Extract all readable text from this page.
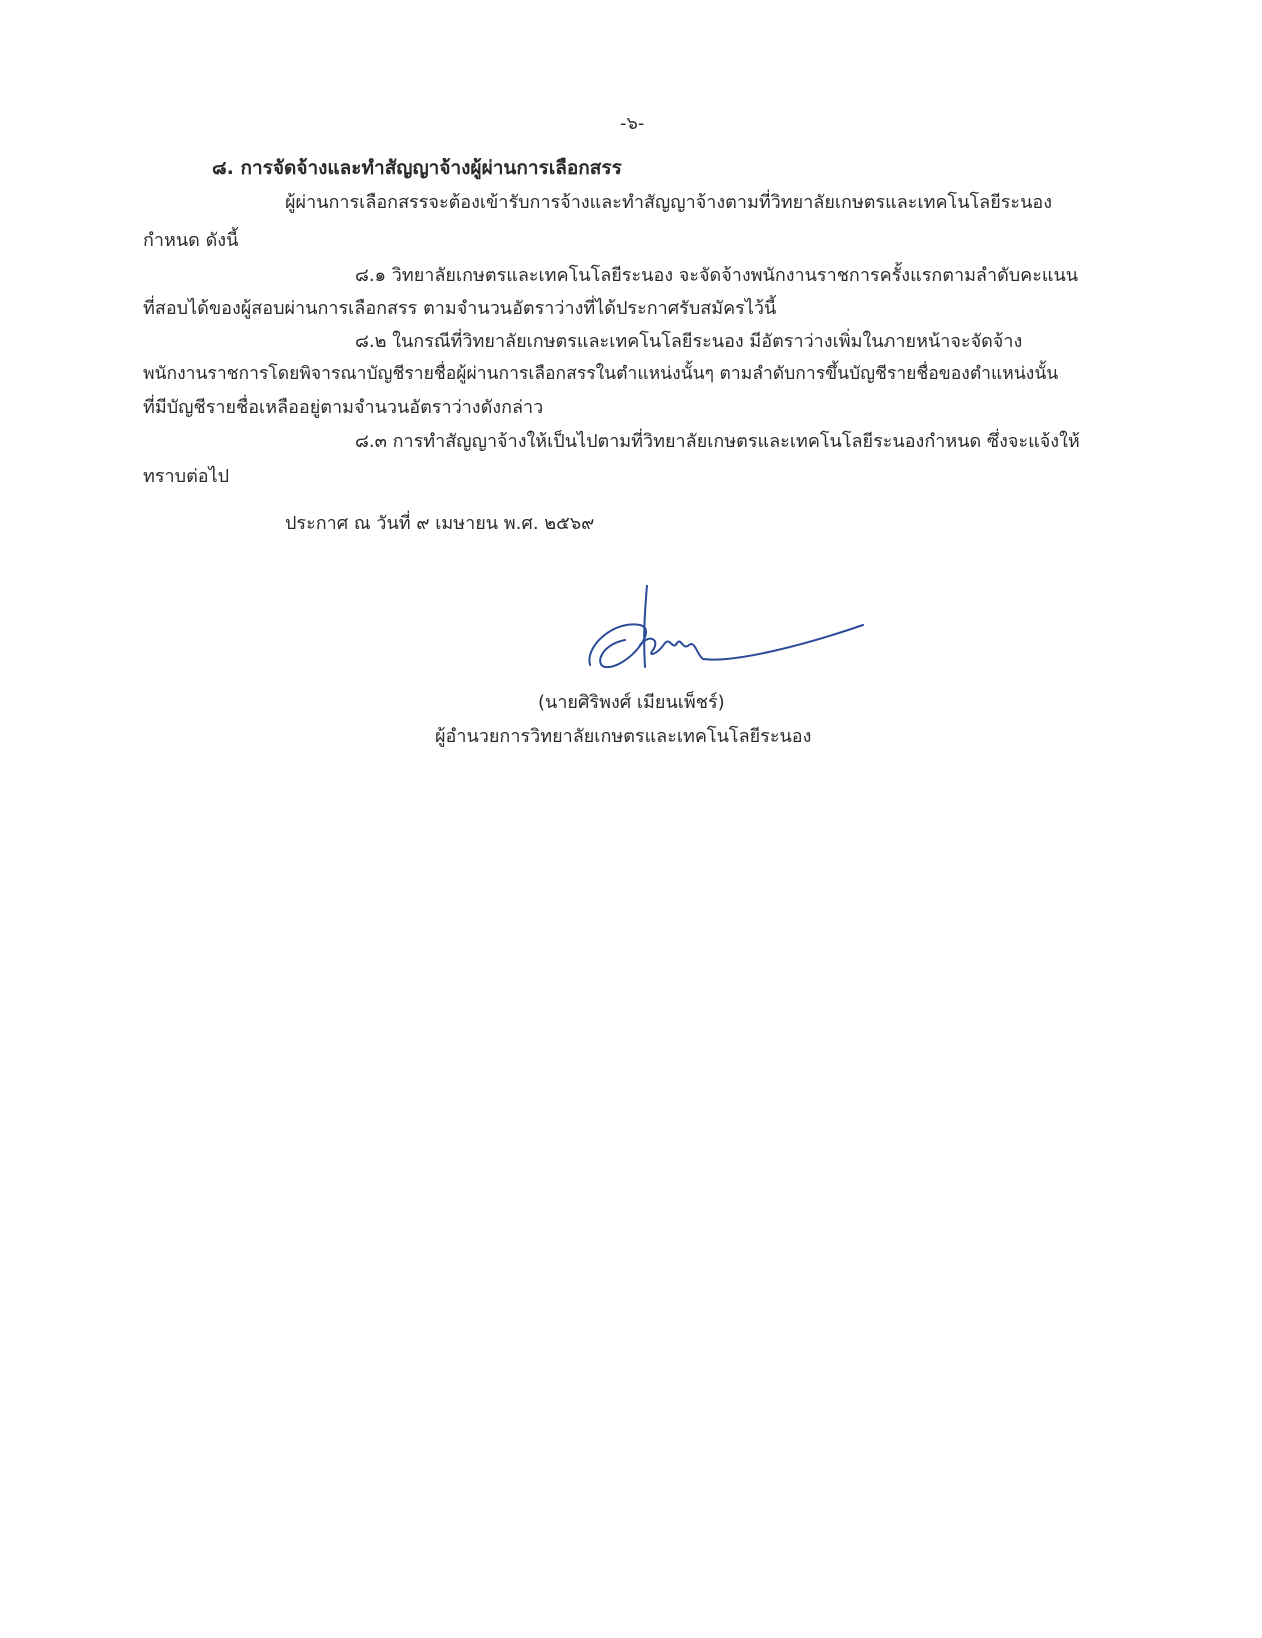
-๖-
๘. การจัดจ้างและทำสัญญาจ้างผู้ผ่านการเลือกสรร
ผู้ผ่านการเลือกสรรจะต้องเข้ารับการจ้างและทำสัญญาจ้างตามที่วิทยาลัยเกษตรและเทคโนโลยีระนอง
กำหนด ดังนี้
๘.๑ วิทยาลัยเกษตรและเทคโนโลยีระนอง จะจัดจ้างพนักงานราชการครั้งแรกตามลำดับคะแนน
ที่สอบได้ของผู้สอบผ่านการเลือกสรร ตามจำนวนอัตราว่างที่ได้ประกาศรับสมัครไว้นี้
๘.๒ ในกรณีที่วิทยาลัยเกษตรและเทคโนโลยีระนอง มีอัตราว่างเพิ่มในภายหน้าจะจัดจ้าง
พนักงานราชการโดยพิจารณาบัญชีรายชื่อผู้ผ่านการเลือกสรรในตำแหน่งนั้นๆ ตามลำดับการขึ้นบัญชีรายชื่อของตำแหน่งนั้น
ที่มีบัญชีรายชื่อเหลืออยู่ตามจำนวนอัตราว่างดังกล่าว
๘.๓ การทำสัญญาจ้างให้เป็นไปตามที่วิทยาลัยเกษตรและเทคโนโลยีระนองกำหนด ซึ่งจะแจ้งให้
ทราบต่อไป
ประกาศ ณ วันที่ ๙ เมษายน พ.ศ. ๒๕๖๙
(นายศิริพงศ์ เมียนเพ็ชร์)
ผู้อำนวยการวิทยาลัยเกษตรและเทคโนโลยีระนอง
